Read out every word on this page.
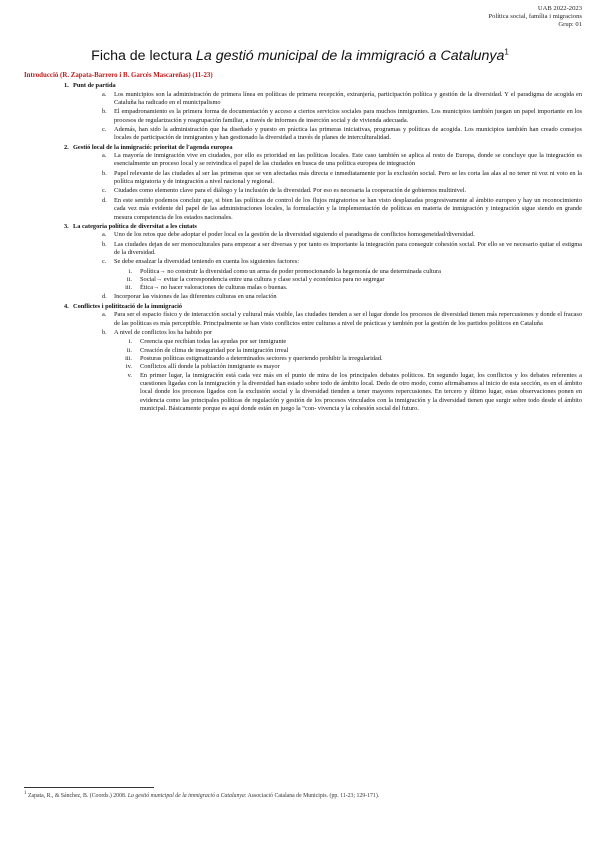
UAB 2022-2023
Política social, família i migracions
Grup: 01
Ficha de lectura La gestió municipal de la immigració a Catalunya$^1$
Introducció (R. Zapata-Barrero i B. Garcés Mascareñas) (11-23)
1. Punt de partida
a. Los municipios son la administración de primera línea en políticas de primera recepción, extranjería, participación política y gestión de la diversidad. Y el paradigma de acogida en Cataluña ha radicado en el municipalismo
b. El empadronamiento es la primera forma de documentación y acceso a ciertos servicios sociales para muchos inmigrantes. Los municipios también juegan un papel importante en los procesos de regularización y reagrupación familiar, a través de informes de inserción social y de vivienda adecuada.
c. Además, han sido la administración que ha diseñado y puesto en práctica las primeras iniciativas, programas y políticas de acogida. Los municipios también han creado consejos locales de participación de inmigrantes y han gestionado la diversidad a través de planes de interculturalidad.
2. Gestió local de la inmigració: prioritat de l'agenda europea
a. La mayoría de inmigración vive en ciudades, por ello es prioridad en las políticas locales. Este caso también se aplica al resto de Europa, donde se concluye que la integración es esencialmente un proceso local y se reivindica el papel de las ciudades en busca de una política europea de integración
b. Papel relevante de las ciudades al ser las primeras que se ven afectadas más directa e inmediatamente por la exclusión social. Pero se les corta las alas al no tener ni voz ni voto en la política migratoria y de integración a nivel nacional y regional.
c. Ciudades como elemento clave para el diálogo y la inclusión de la diversidad. Por eso es necesaria la cooperación de gobiernos multinivel.
d. En este sentido podemos concluir que, si bien las políticas de control de los flujos migratorios se han visto desplazadas progresivamente al ámbito europeo y hay un reconocimiento cada vez más evidente del papel de las administraciones locales, la formulación y la implementación de políticas en materia de inmigración y integración sigue siendo en grande mesura competencia de los estados nacionales.
3. La categoria política de diversitat a les ciutats
a. Uno de los retos que debe adoptar el poder local es la gestión de la diversidad siguiendo el paradigma de conflictos homogeneidad/diversidad.
b. Las ciudades dejan de ser monoculturales para empezar a ser diversas y por tanto es importante la integración para conseguir cohesión social. Por ello se ve necesario quitar el estigma de la diversidad.
c. Se debe ensalzar la diversidad teniendo en cuenta los siguientes factores:
i. Política→ no construir la diversidad como un arma de poder promocionando la hegemonía de una determinada cultura
ii. Social→ evitar la correspondencia entre una cultura y clase social y económica para no segregar
iii. Ética→ no hacer valoraciones de culturas malas o buenas.
d. Incorporar las visiones de las diferentes culturas en una relación
4. Conflictes i polítització de la immigració
a. Para ser el espacio físico y de interacción social y cultural más visible, las ciudades tienden a ser el lugar donde los procesos de diversidad tienen más repercusiones y donde el fracaso de las políticas es más perceptible. Principalmente se han visto conflictos entre culturas a nivel de prácticas y también por la gestión de los partidos políticos en Cataluña
b. A nivel de conflictos los ha habido por
i. Creencia que recibían todas las ayudas por ser inmigrante
ii. Creación de clima de inseguridad por la inmigración irreal
iii. Posturas políticas estigmatizando a determinados sectores y queriendo prohibir la irregularidad.
iv. Conflictos allí donde la población inmigrante es mayor
v. En primer lugar, la inmigración está cada vez más en el punto de mira de los principales debates políticos. En segundo lugar, los conflictos y los debates referentes a cuestiones ligadas con la inmigración y la diversidad han estado sobre todo de ámbito local. Dedo de otro modo, como afirmábamos al inicio de esta sección, es en el ámbito local donde los procesos ligados con la exclusión social y la diversidad tienden a tener mayores repercusiones. En tercero y último lugar, estas observaciones ponen en evidencia como las principales políticas de regulación y gestión de los procesos vinculados con la inmigración y la diversidad tienen que surgir sobre todo desde el ámbito municipal. Básicamente porque es aquí donde están en juego la “con- vivencia y la cohesión social del futuro.
$^1$ Zapata, R., & Sánchez, B. (Coords.) 2008. La gestió municipal de la immigració a Catalunya: Associació Catalana de Municipis. (pp. 11-23; 129-171).
